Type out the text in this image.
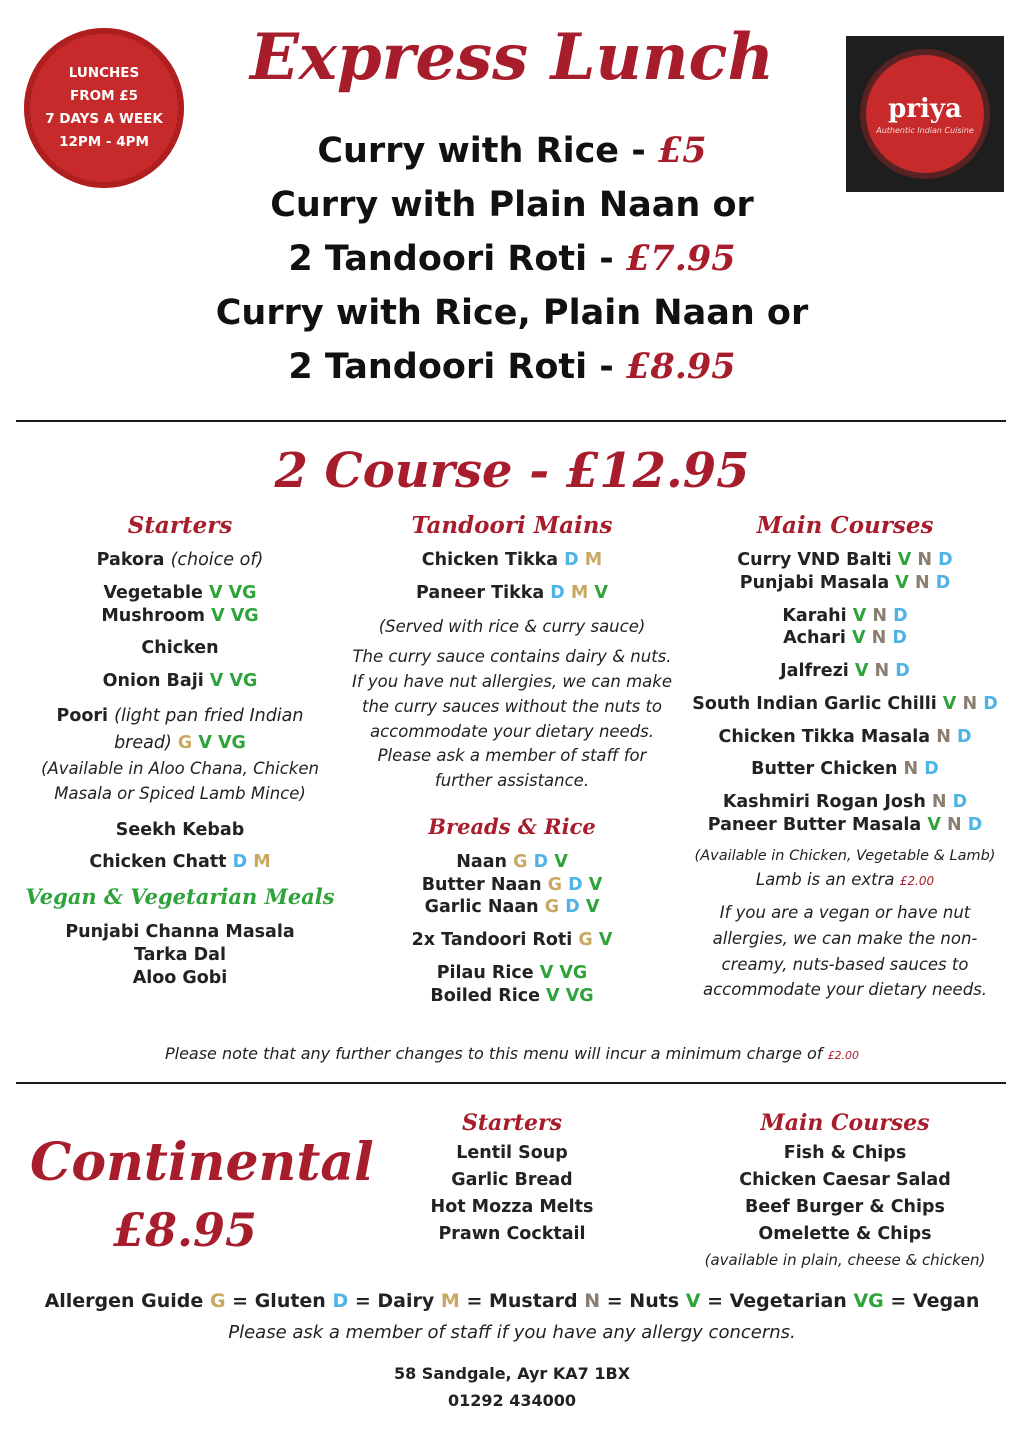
LUNCHES
FROM £5
7 DAYS A WEEK
12PM - 4PM
priya
Authentic Indian Cuisine
Express Lunch

Curry with Rice - £5

Curry with Plain Naan or

2 Tandoori Roti - £7.95

Curry with Rice, Plain Naan or

2 Tandoori Roti - £8.95

2 Course - £12.95
Starters

Pakora (choice of)

Vegetable V VG

Mushroom V VG

Chicken

Onion Baji V VG

Poori (light pan fried Indian
bread) G V VG

(Available in Aloo Chana, Chicken Masala or Spiced Lamb Mince)

Seekh Kebab

Chicken Chatt D M

Vegan & Vegetarian Meals

Punjabi Channa Masala

Tarka Dal

Aloo Gobi

Tandoori Mains

Chicken Tikka D M

Paneer Tikka D M V

(Served with rice & curry sauce)

The curry sauce contains dairy & nuts. If you have nut allergies, we can make the curry sauces without the nuts to accommodate your dietary needs. Please ask a member of staff for further assistance.

Breads & Rice

Naan G D V

Butter Naan G D V

Garlic Naan G D V

2x Tandoori Roti G V

Pilau Rice V VG

Boiled Rice V VG

Main Courses

Curry VND Balti V N D

Punjabi Masala V N D

Karahi V N D

Achari V N D

Jalfrezi V N D

South Indian Garlic Chilli V N D

Chicken Tikka Masala N D

Butter Chicken N D

Kashmiri Rogan Josh N D

Paneer Butter Masala V N D

(Available in Chicken, Vegetable & Lamb)

Lamb is an extra £2.00

If you are a vegan or have nut allergies, we can make the non-creamy, nuts-based sauces to accommodate your dietary needs.

Please note that any further changes to this menu will incur a minimum charge of £2.00
Continental
£8.95
Starters

Lentil Soup

Garlic Bread

Hot Mozza Melts

Prawn Cocktail

Main Courses

Fish & Chips

Chicken Caesar Salad

Beef Burger & Chips

Omelette & Chips

(available in plain, cheese & chicken)

Allergen Guide G = Gluten D = Dairy M = Mustard N = Nuts V = Vegetarian VG = Vegan
Please ask a member of staff if you have any allergy concerns.
58 Sandgale, Ayr KA7 1BX
01292 434000
